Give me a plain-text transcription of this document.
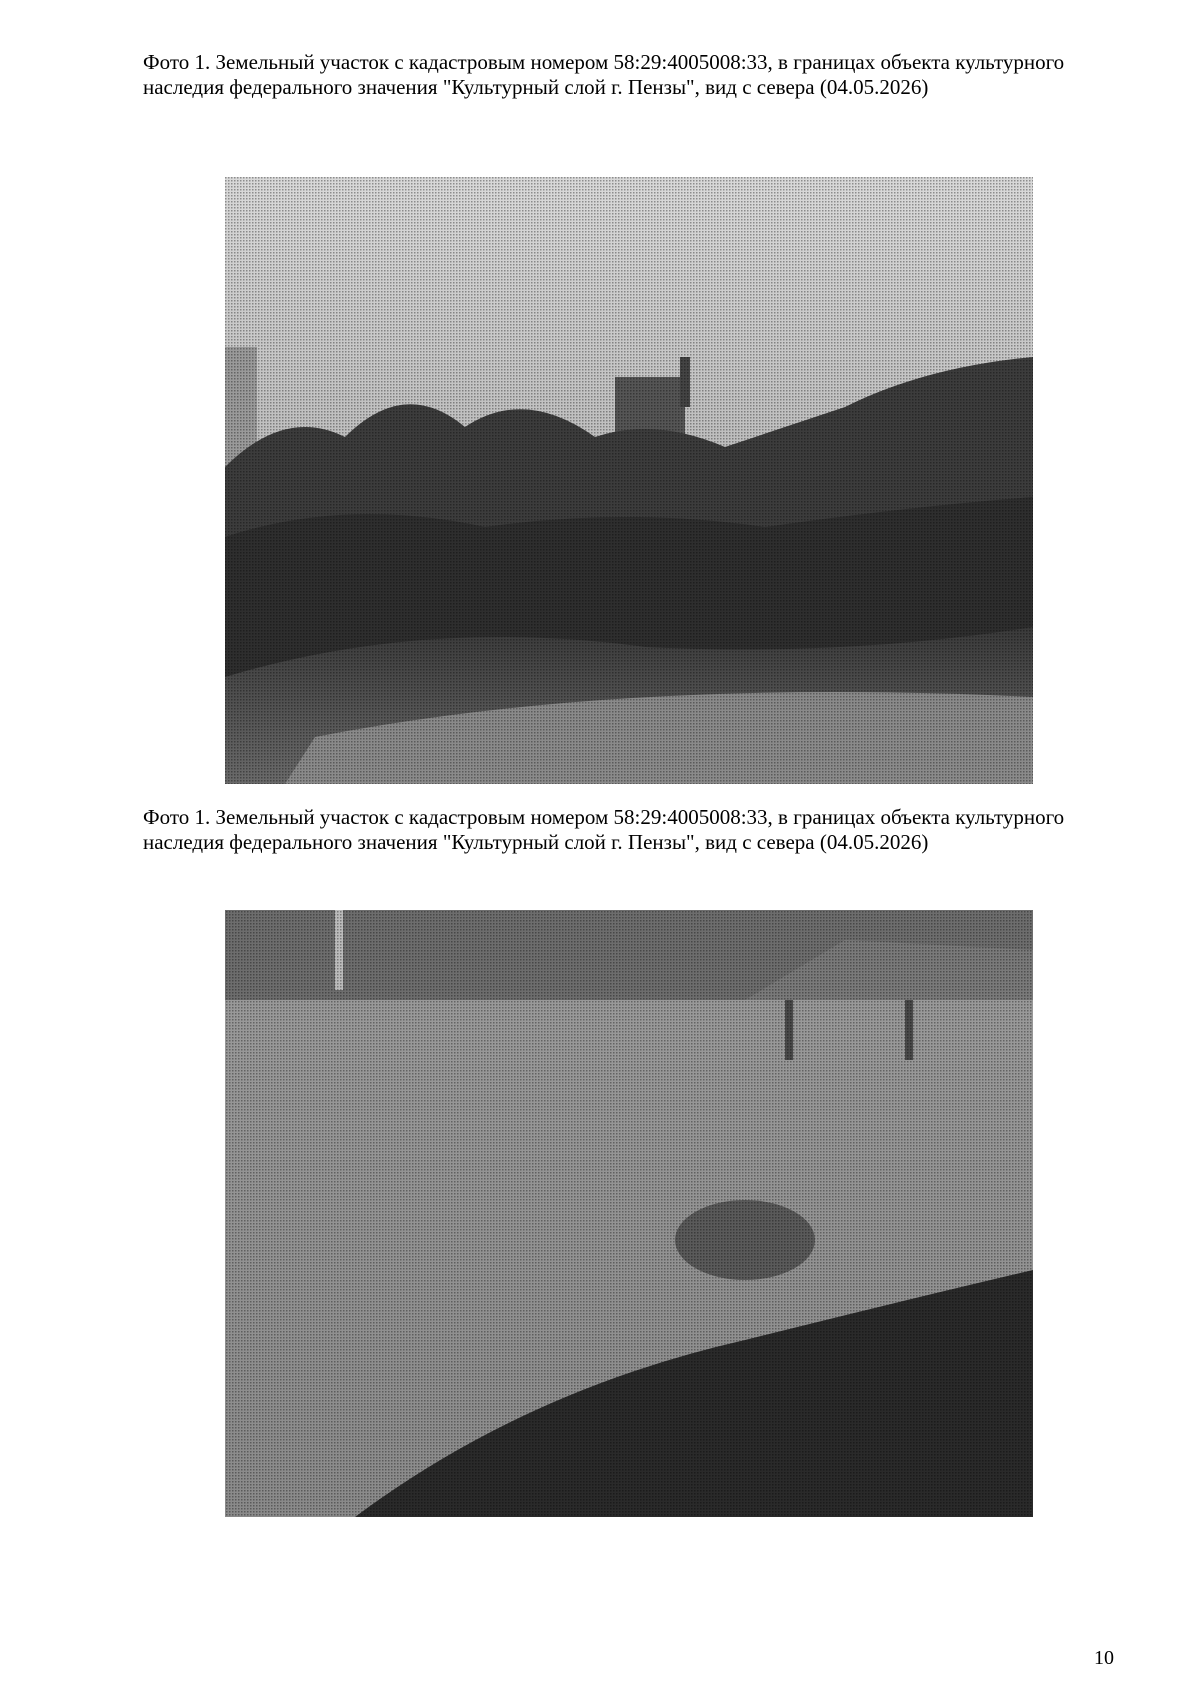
Фото 1. Земельный участок с кадастровым номером 58:29:4005008:33, в границах объекта культурного наследия федерального значения "Культурный слой г. Пензы", вид с севера (04.05.2026)

Фото 1. Земельный участок с кадастровым номером 58:29:4005008:33, в границах объекта культурного наследия федерального значения "Культурный слой г. Пензы", вид с севера (04.05.2026)

10
